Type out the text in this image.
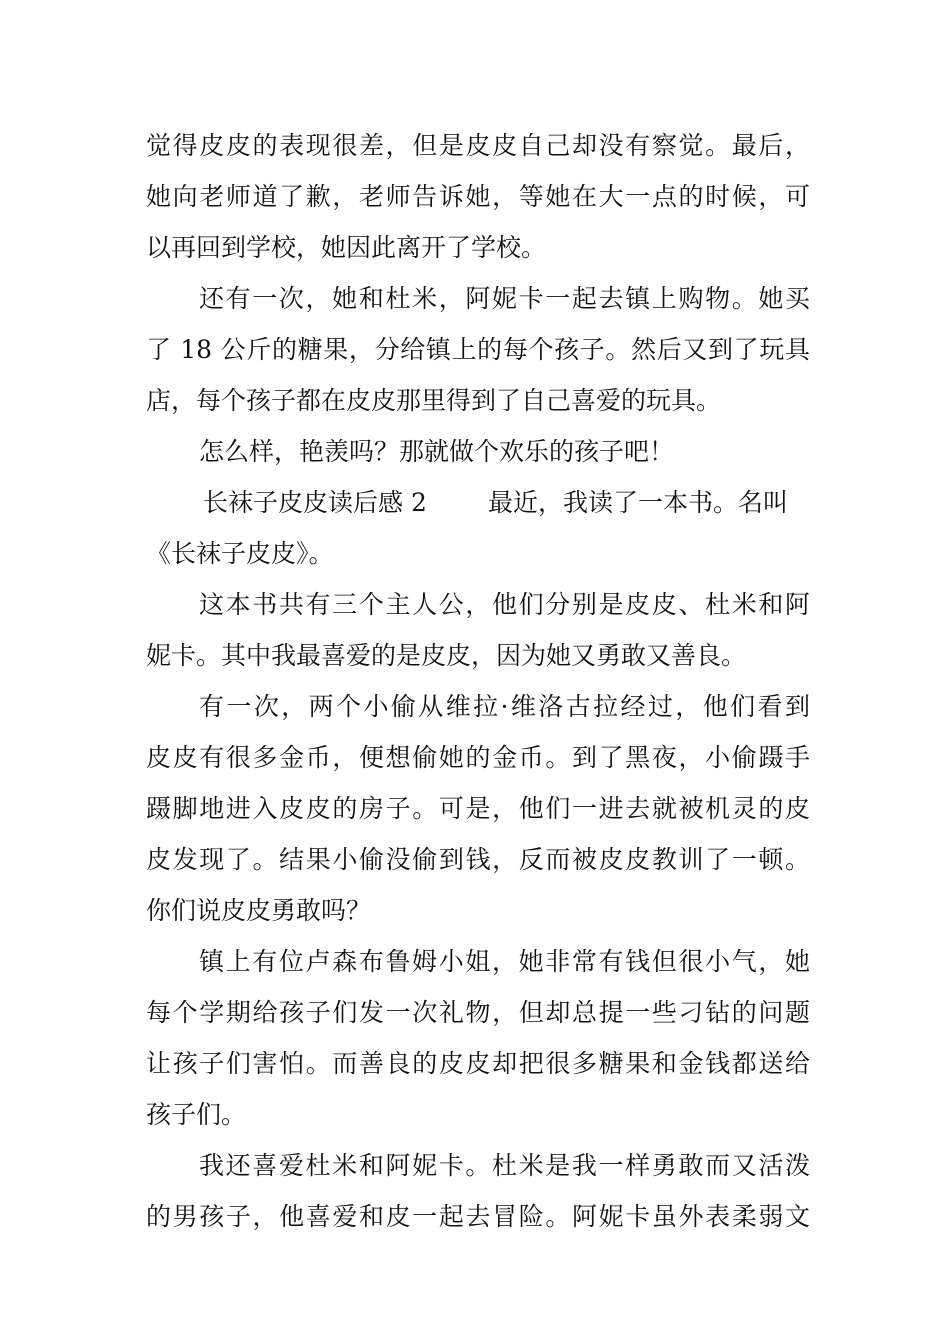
觉得皮皮的表现很差，但是皮皮自己却没有察觉。最后，
她向老师道了歉，老师告诉她，等她在大一点的时候，可
以再回到学校，她因此离开了学校。
还有一次，她和杜米，阿妮卡一起去镇上购物。她买
了 18 公斤的糖果，分给镇上的每个孩子。然后又到了玩具
店，每个孩子都在皮皮那里得到了自己喜爱的玩具。
怎么样，艳羡吗？那就做个欢乐的孩子吧！
长袜子皮皮读后感 2 最近，我读了一本书。名叫
《长袜子皮皮》。
这本书共有三个主人公，他们分别是皮皮、杜米和阿
妮卡。其中我最喜爱的是皮皮，因为她又勇敢又善良。
有一次，两个小偷从维拉·维洛古拉经过，他们看到
皮皮有很多金币，便想偷她的金币。到了黑夜，小偷蹑手
蹑脚地进入皮皮的房子。可是，他们一进去就被机灵的皮
皮发现了。结果小偷没偷到钱，反而被皮皮教训了一顿。
你们说皮皮勇敢吗？
镇上有位卢森布鲁姆小姐，她非常有钱但很小气，她
每个学期给孩子们发一次礼物，但却总提一些刁钻的问题
让孩子们害怕。而善良的皮皮却把很多糖果和金钱都送给
孩子们。
我还喜爱杜米和阿妮卡。杜米是我一样勇敢而又活泼
的男孩子，他喜爱和皮一起去冒险。阿妮卡虽外表柔弱文
